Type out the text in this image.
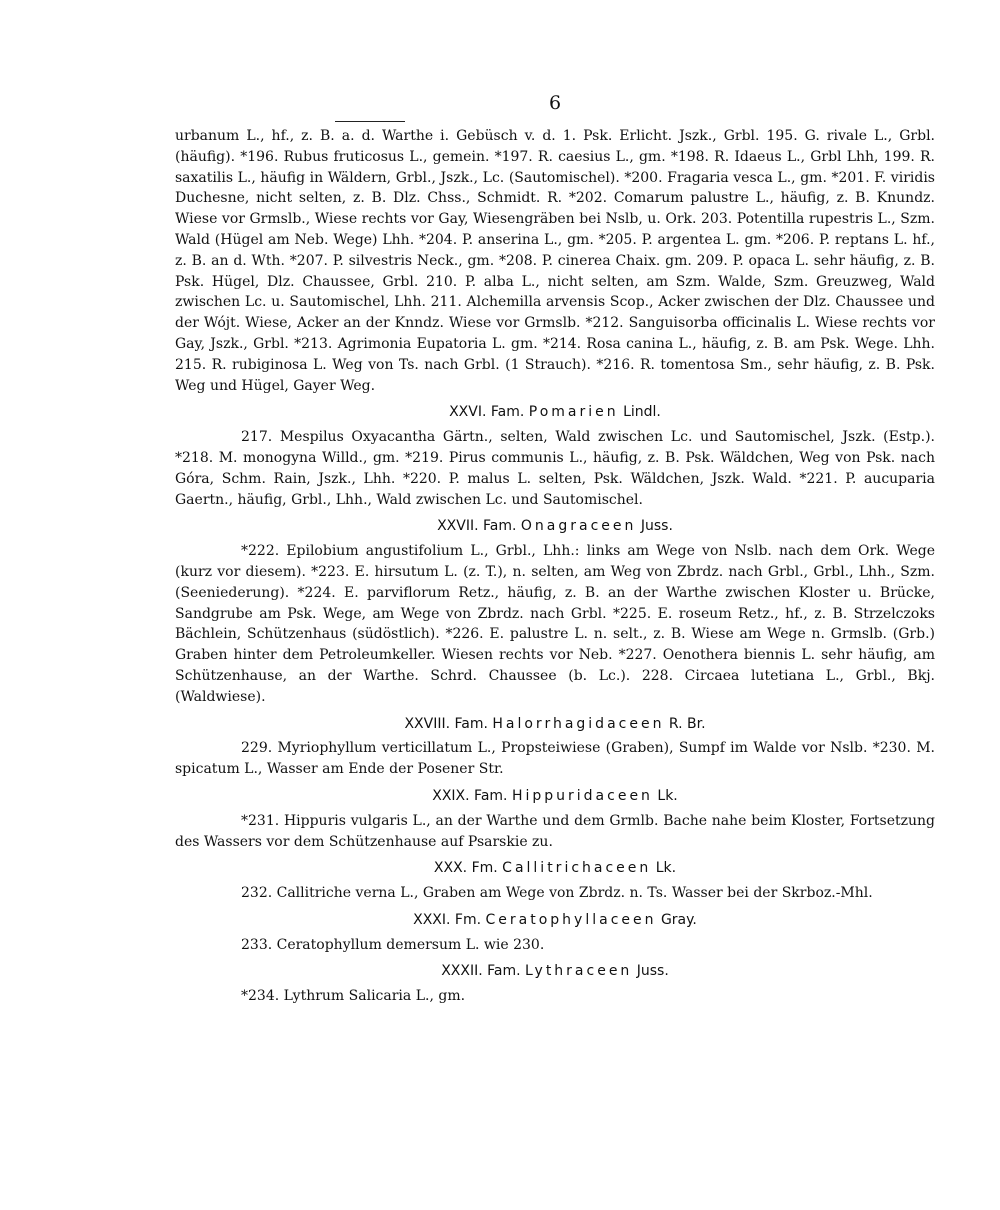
6

urbanum L., hf., z. B. a. d. Warthe i. Gebüsch v. d. 1. Psk. Erlicht. Jszk., Grbl. 195. G. rivale L., Grbl. (häufig). *196. Rubus fruticosus L., gemein. *197. R. caesius L., gm. *198. R. Idaeus L., Grbl Lhh, 199. R. saxatilis L., häufig in Wäldern, Grbl., Jszk., Lc. (Sautomischel). *200. Fragaria vesca L., gm. *201. F. viridis Duchesne, nicht selten, z. B. Dlz. Chss., Schmidt. R. *202. Comarum palustre L., häufig, z. B. Knundz. Wiese vor Grmslb., Wiese rechts vor Gay, Wiesengräben bei Nslb, u. Ork. 203. Potentilla rupestris L., Szm. Wald (Hügel am Neb. Wege) Lhh. *204. P. anserina L., gm. *205. P. argentea L. gm. *206. P. reptans L. hf., z. B. an d. Wth. *207. P. silvestris Neck., gm. *208. P. cinerea Chaix. gm. 209. P. opaca L. sehr häufig, z. B. Psk. Hügel, Dlz. Chaussee, Grbl. 210. P. alba L., nicht selten, am Szm. Walde, Szm. Greuzweg, Wald zwischen Lc. u. Sautomischel, Lhh. 211. Alchemilla arvensis Scop., Acker zwischen der Dlz. Chaussee und der Wójt. Wiese, Acker an der Knndz. Wiese vor Grmslb. *212. Sanguisorba officinalis L. Wiese rechts vor Gay, Jszk., Grbl. *213. Agrimonia Eupatoria L. gm. *214. Rosa canina L., häufig, z. B. am Psk. Wege. Lhh. 215. R. rubiginosa L. Weg von Ts. nach Grbl. (1 Strauch). *216. R. tomentosa Sm., sehr häufig, z. B. Psk. Weg und Hügel, Gayer Weg.

XXVI. Fam. Pomarien Lindl.

217. Mespilus Oxyacantha Gärtn., selten, Wald zwischen Lc. und Sautomischel, Jszk. (Estp.). *218. M. monogyna Willd., gm. *219. Pirus communis L., häufig, z. B. Psk. Wäldchen, Weg von Psk. nach Góra, Schm. Rain, Jszk., Lhh. *220. P. malus L. selten, Psk. Wäldchen, Jszk. Wald. *221. P. aucuparia Gaertn., häufig, Grbl., Lhh., Wald zwischen Lc. und Sautomischel.

XXVII. Fam. Onagraceen Juss.

*222. Epilobium angustifolium L., Grbl., Lhh.: links am Wege von Nslb. nach dem Ork. Wege (kurz vor diesem). *223. E. hirsutum L. (z. T.), n. selten, am Weg von Zbrdz. nach Grbl., Grbl., Lhh., Szm. (Seeniederung). *224. E. parviflorum Retz., häufig, z. B. an der Warthe zwischen Kloster u. Brücke, Sandgrube am Psk. Wege, am Wege von Zbrdz. nach Grbl. *225. E. roseum Retz., hf., z. B. Strzelczoks Bächlein, Schützenhaus (südöstlich). *226. E. palustre L. n. selt., z. B. Wiese am Wege n. Grmslb. (Grb.) Graben hinter dem Petroleumkeller. Wiesen rechts vor Neb. *227. Oenothera biennis L. sehr häufig, am Schützenhause, an der Warthe. Schrd. Chaussee (b. Lc.). 228. Circaea lutetiana L., Grbl., Bkj. (Waldwiese).

XXVIII. Fam. Halorrhagidaceen R. Br.

229. Myriophyllum verticillatum L., Propsteiwiese (Graben), Sumpf im Walde vor Nslb. *230. M. spicatum L., Wasser am Ende der Posener Str.

XXIX. Fam. Hippuridaceen Lk.

*231. Hippuris vulgaris L., an der Warthe und dem Grmlb. Bache nahe beim Kloster, Fortsetzung des Wassers vor dem Schützenhause auf Psarskie zu.

XXX. Fm. Callitrichaceen Lk.

232. Callitriche verna L., Graben am Wege von Zbrdz. n. Ts. Wasser bei der Skrboz.-Mhl.

XXXI. Fm. Ceratophyllaceen Gray.

233. Ceratophyllum demersum L. wie 230.

XXXII. Fam. Lythraceen Juss.

*234. Lythrum Salicaria L., gm.
